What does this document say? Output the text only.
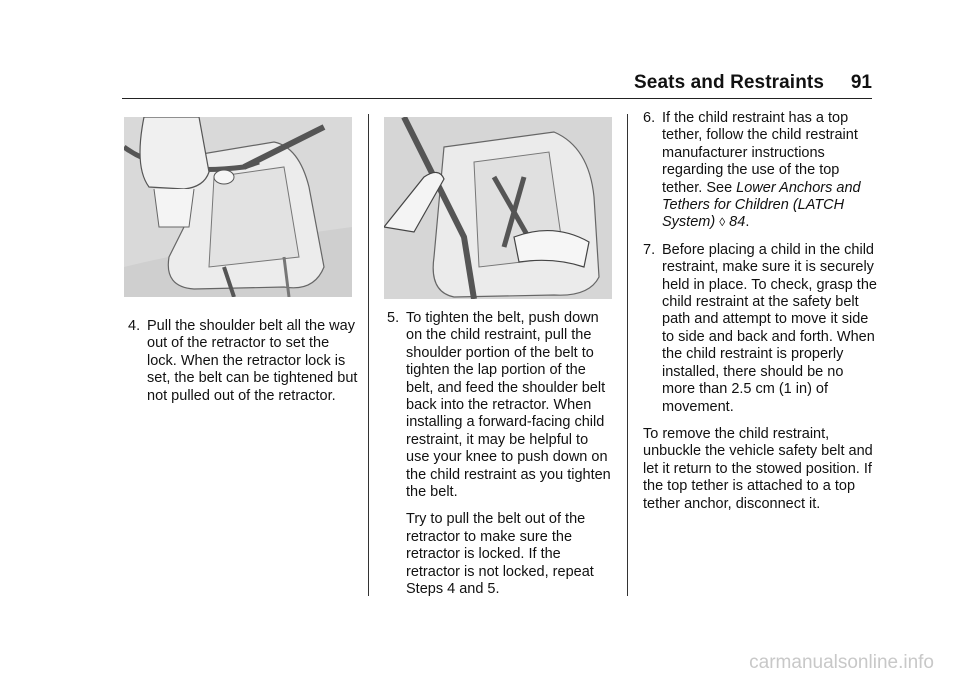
Seats and Restraints 91
4. Pull the shoulder belt all the way out of the retractor to set the lock. When the retractor lock is set, the belt can be tightened but not pulled out of the retractor.
5. To tighten the belt, push down on the child restraint, pull the shoulder portion of the belt to tighten the lap portion of the belt, and feed the shoulder belt back into the retractor. When installing a forward-facing child restraint, it may be helpful to use your knee to push down on the child restraint as you tighten the belt.
Try to pull the belt out of the retractor to make sure the retractor is locked. If the retractor is not locked, repeat Steps 4 and 5.
6. If the child restraint has a top tether, follow the child restraint manufacturer instructions regarding the use of the top tether. See Lower Anchors and Tethers for Children (LATCH System) ◊ 84.
7. Before placing a child in the child restraint, make sure it is securely held in place. To check, grasp the child restraint at the safety belt path and attempt to move it side to side and back and forth. When the child restraint is properly installed, there should be no more than 2.5 cm (1 in) of movement.
To remove the child restraint, unbuckle the vehicle safety belt and let it return to the stowed position. If the top tether is attached to a top tether anchor, disconnect it.
carmanualsonline.info
